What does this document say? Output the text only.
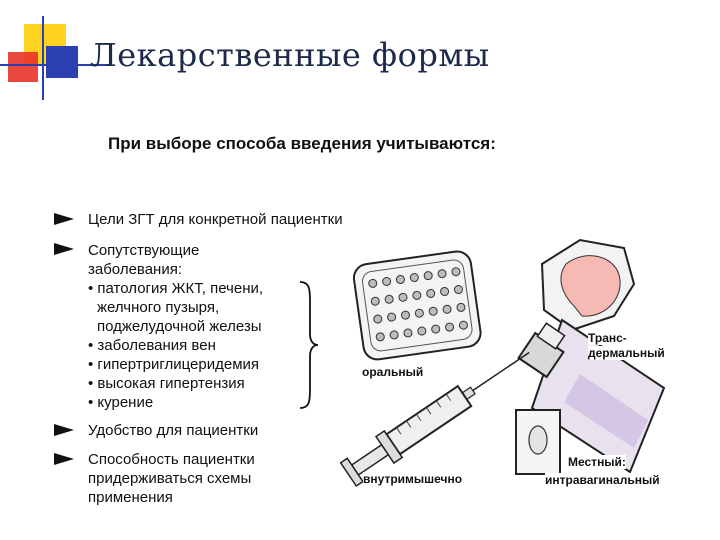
Лекарственные формы
При выборе способа введения учитываются:
Цели ЗГТ для конкретной пациентки
Сопутствующие
заболевания:
• патология ЖКТ, печени,
желчного пузыря,
поджелудочной железы
• заболевания вен
• гипертриглицеридемия
• высокая гипертензия
• курение
Удобство для пациентки
Способность пациентки
придерживаться схемы
применения
оральный
Транс-
дермальный
внутримышечно
Местный:
интравагинальный
